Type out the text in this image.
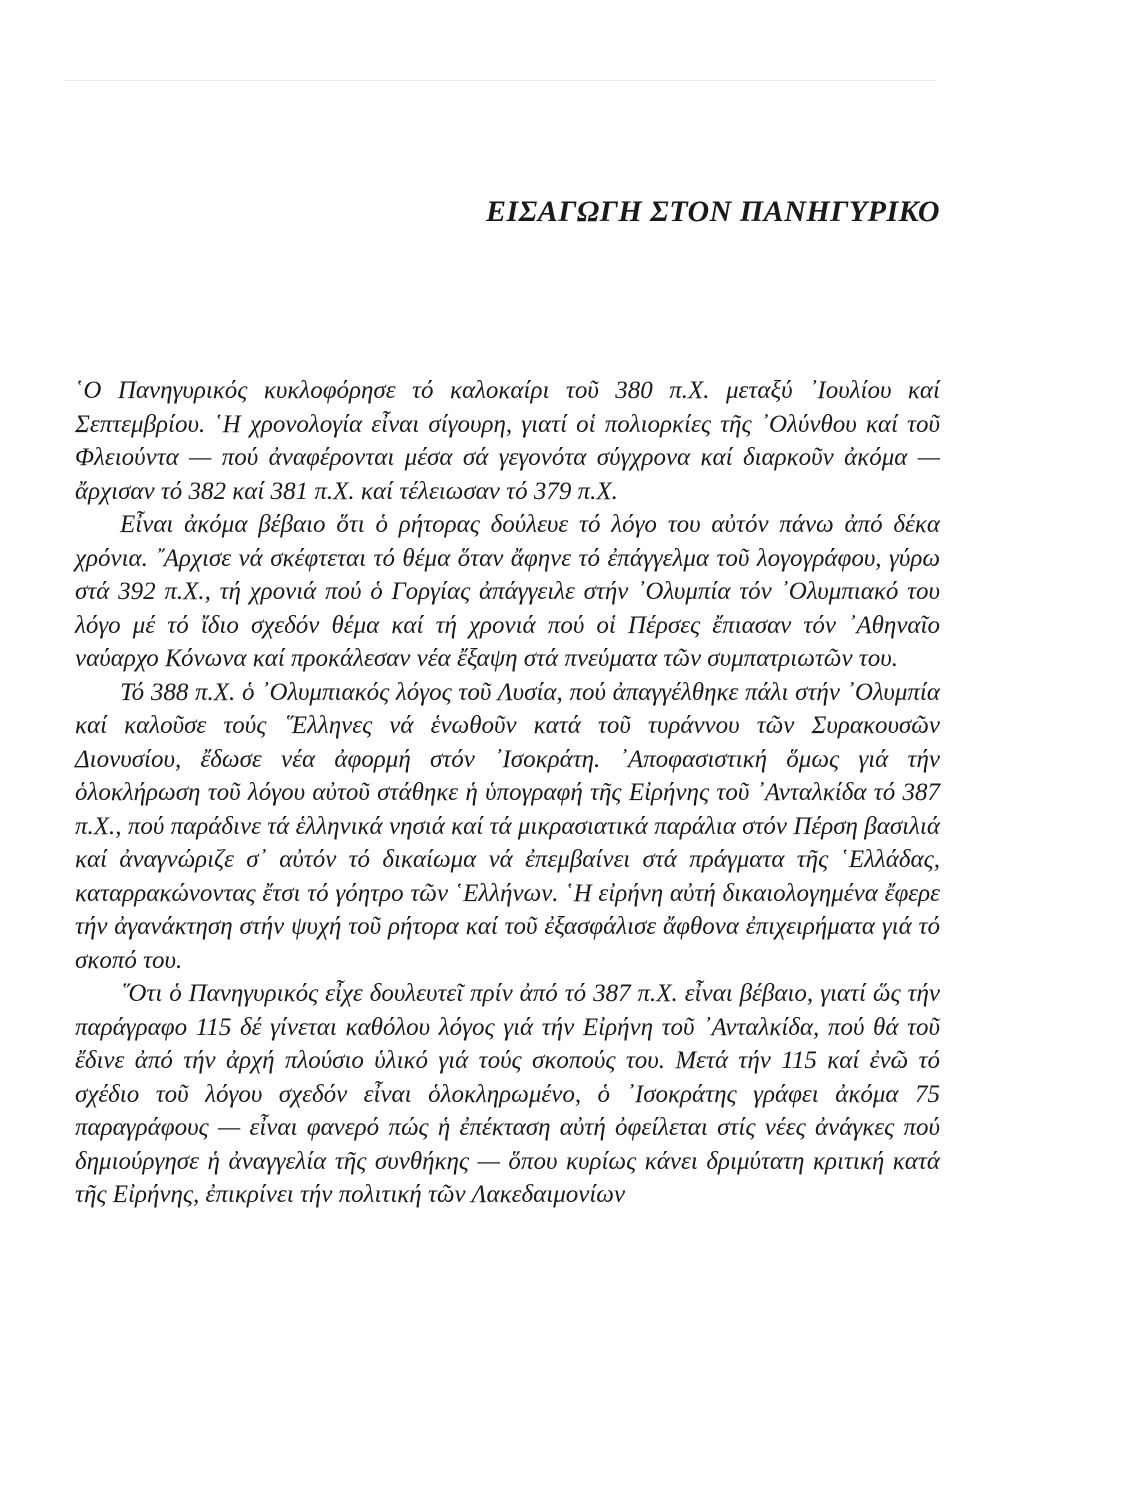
ΕΙΣΑΓΩΓΗ ΣΤΟΝ ΠΑΝΗΓΥΡΙΚΟ

῾Ο Πανηγυρικός κυκλοφόρησε τό καλοκαίρι τοῦ 380 π.Χ. μεταξύ ᾿Ιουλίου καί Σεπτεμβρίου. ῾Η χρονολογία εἶναι σίγουρη, γιατί οἱ πολιορκίες τῆς ᾿Ολύνθου καί τοῦ Φλειούντα — πού ἀναφέρονται μέσα σά γεγονότα σύγχρονα καί διαρκοῦν ἀκόμα — ἄρχισαν τό 382 καί 381 π.Χ. καί τέλειωσαν τό 379 π.Χ.

Εἶναι ἀκόμα βέβαιο ὅτι ὁ ρήτορας δούλευε τό λόγο του αὐτόν πάνω ἀπό δέκα χρόνια. ῎Αρχισε νά σκέφτεται τό θέμα ὅταν ἄφηνε τό ἐπάγγελμα τοῦ λογογράφου, γύρω στά 392 π.Χ., τή χρονιά πού ὁ Γοργίας ἀπάγγειλε στήν ᾿Ολυμπία τόν ᾿Ολυμπιακό του λόγο μέ τό ἴδιο σχεδόν θέμα καί τή χρονιά πού οἱ Πέρσες ἔπιασαν τόν ᾿Αθηναῖο ναύαρχο Κόνωνα καί προκάλεσαν νέα ἔξαψη στά πνεύματα τῶν συμπατριωτῶν του.

Τό 388 π.Χ. ὁ ᾿Ολυμπιακός λόγος τοῦ Λυσία, πού ἀπαγγέλθηκε πάλι στήν ᾿Ολυμπία καί καλοῦσε τούς ῞Ελληνες νά ἑνωθοῦν κατά τοῦ τυράννου τῶν Συρακουσῶν Διονυσίου, ἔδωσε νέα ἀφορμή στόν ᾿Ισοκράτη. ᾿Αποφασιστική ὅμως γιά τήν ὁλοκλήρωση τοῦ λόγου αὐτοῦ στάθηκε ἡ ὑπογραφή τῆς Εἰρήνης τοῦ ᾿Ανταλκίδα τό 387 π.Χ., πού παράδινε τά ἑλληνικά νησιά καί τά μικρασιατικά παράλια στόν Πέρση βασιλιά καί ἀναγνώριζε σ᾿ αὐτόν τό δικαίωμα νά ἐπεμβαίνει στά πράγματα τῆς ῾Ελλάδας, καταρρακώνοντας ἔτσι τό γόητρο τῶν ῾Ελλήνων. ῾Η εἰρήνη αὐτή δικαιολογημένα ἔφερε τήν ἀγανάκτηση στήν ψυχή τοῦ ρήτορα καί τοῦ ἐξασφάλισε ἄφθονα ἐπιχειρήματα γιά τό σκοπό του.

῞Οτι ὁ Πανηγυρικός εἶχε δουλευτεῖ πρίν ἀπό τό 387 π.Χ. εἶναι βέβαιο, γιατί ὥς τήν παράγραφο 115 δέ γίνεται καθόλου λόγος γιά τήν Εἰρήνη τοῦ ᾿Ανταλκίδα, πού θά τοῦ ἔδινε ἀπό τήν ἀρχή πλούσιο ὑλικό γιά τούς σκοπούς του. Μετά τήν 115 καί ἐνῶ τό σχέδιο τοῦ λόγου σχεδόν εἶναι ὁλοκληρωμένο, ὁ ᾿Ισοκράτης γράφει ἀκόμα 75 παραγράφους — εἶναι φανερό πώς ἡ ἐπέκταση αὐτή ὀφείλεται στίς νέες ἀνάγκες πού δημιούργησε ἡ ἀναγγελία τῆς συνθήκης — ὅπου κυρίως κάνει δριμύτατη κριτική κατά τῆς Εἰρήνης, ἐπικρίνει τήν πολιτική τῶν Λακεδαιμονίων
